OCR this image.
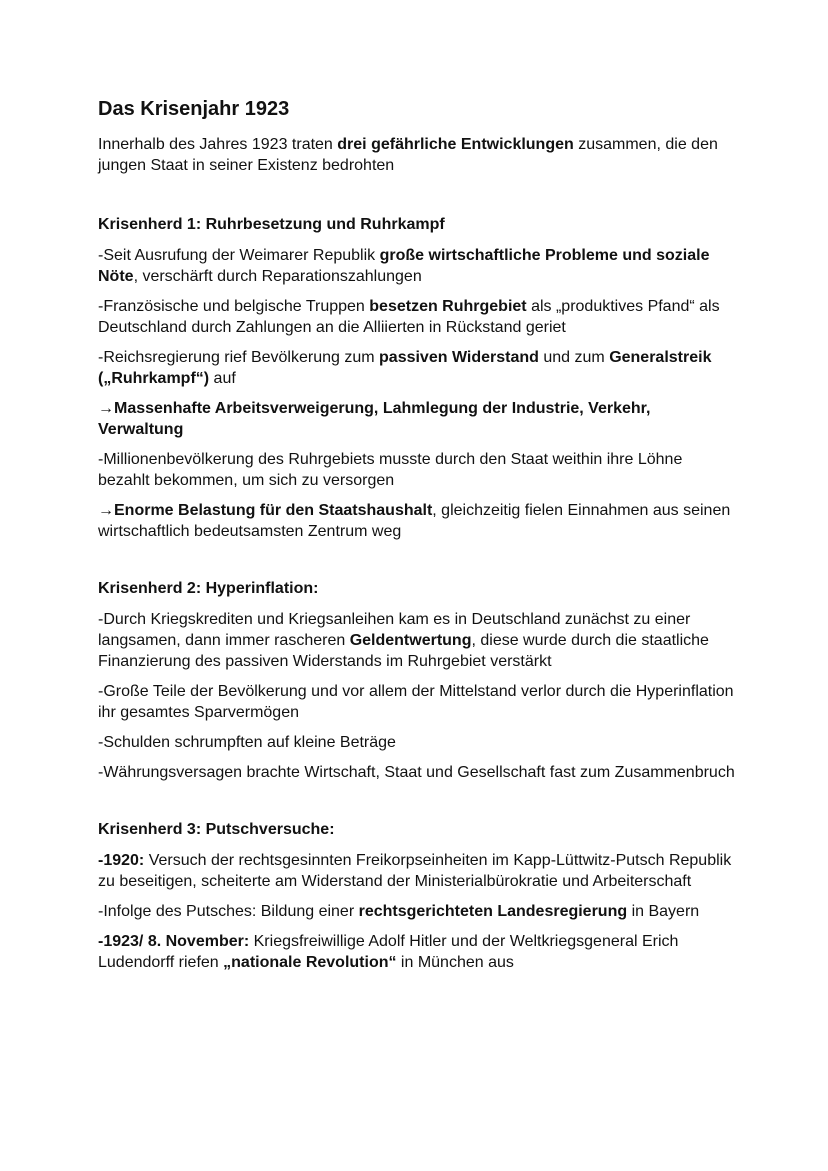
Das Krisenjahr 1923

Innerhalb des Jahres 1923 traten drei gefährliche Entwicklungen zusammen, die den jungen Staat in seiner Existenz bedrohten

Krisenherd 1: Ruhrbesetzung und Ruhrkampf

-Seit Ausrufung der Weimarer Republik große wirtschaftliche Probleme und soziale Nöte, verschärft durch Reparationszahlungen

-Französische und belgische Truppen besetzen Ruhrgebiet als „produktives Pfand“ als Deutschland durch Zahlungen an die Alliierten in Rückstand geriet

-Reichsregierung rief Bevölkerung zum passiven Widerstand und zum Generalstreik („Ruhrkampf“) auf

→Massenhafte Arbeitsverweigerung, Lahmlegung der Industrie, Verkehr, Verwaltung

-Millionenbevölkerung des Ruhrgebiets musste durch den Staat weithin ihre Löhne bezahlt bekommen, um sich zu versorgen

→Enorme Belastung für den Staatshaushalt, gleichzeitig fielen Einnahmen aus seinen wirtschaftlich bedeutsamsten Zentrum weg

Krisenherd 2: Hyperinflation:

-Durch Kriegskrediten und Kriegsanleihen kam es in Deutschland zunächst zu einer langsamen, dann immer rascheren Geldentwertung, diese wurde durch die staatliche Finanzierung des passiven Widerstands im Ruhrgebiet verstärkt

-Große Teile der Bevölkerung und vor allem der Mittelstand verlor durch die Hyperinflation ihr gesamtes Sparvermögen

-Schulden schrumpften auf kleine Beträge

-Währungsversagen brachte Wirtschaft, Staat und Gesellschaft fast zum Zusammenbruch

Krisenherd 3: Putschversuche:

-1920: Versuch der rechtsgesinnten Freikorpseinheiten im Kapp-Lüttwitz-Putsch Republik zu beseitigen, scheiterte am Widerstand der Ministerialbürokratie und Arbeiterschaft

-Infolge des Putsches: Bildung einer rechtsgerichteten Landesregierung in Bayern

-1923/ 8. November: Kriegsfreiwillige Adolf Hitler und der Weltkriegsgeneral Erich Ludendorff riefen „nationale Revolution“ in München aus
